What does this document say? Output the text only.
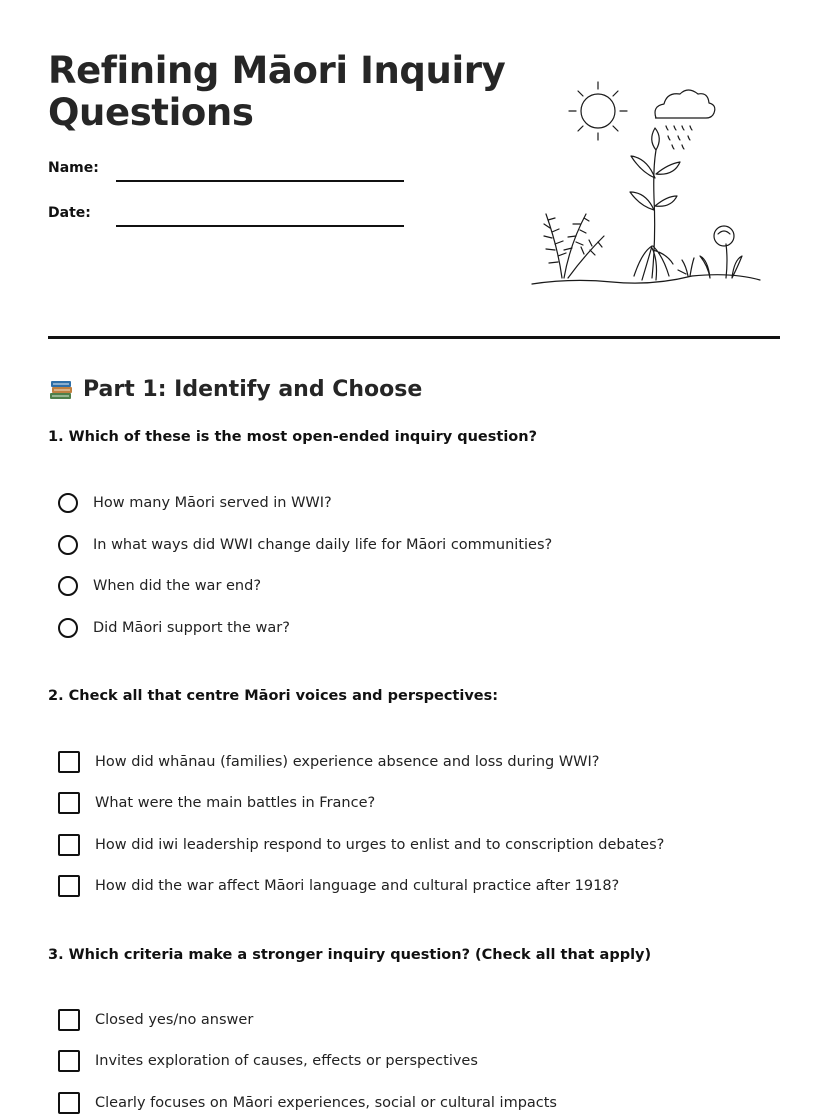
Refining Māori Inquiry Questions
Name:
Date:
Part 1: Identify and Choose
1. Which of these is the most open-ended inquiry question?
How many Māori served in WWI?
In what ways did WWI change daily life for Māori communities?
When did the war end?
Did Māori support the war?
2. Check all that centre Māori voices and perspectives:
How did whānau (families) experience absence and loss during WWI?
What were the main battles in France?
How did iwi leadership respond to urges to enlist and to conscription debates?
How did the war affect Māori language and cultural practice after 1918?
3. Which criteria make a stronger inquiry question? (Check all that apply)
Closed yes/no answer
Invites exploration of causes, effects or perspectives
Clearly focuses on Māori experiences, social or cultural impacts
